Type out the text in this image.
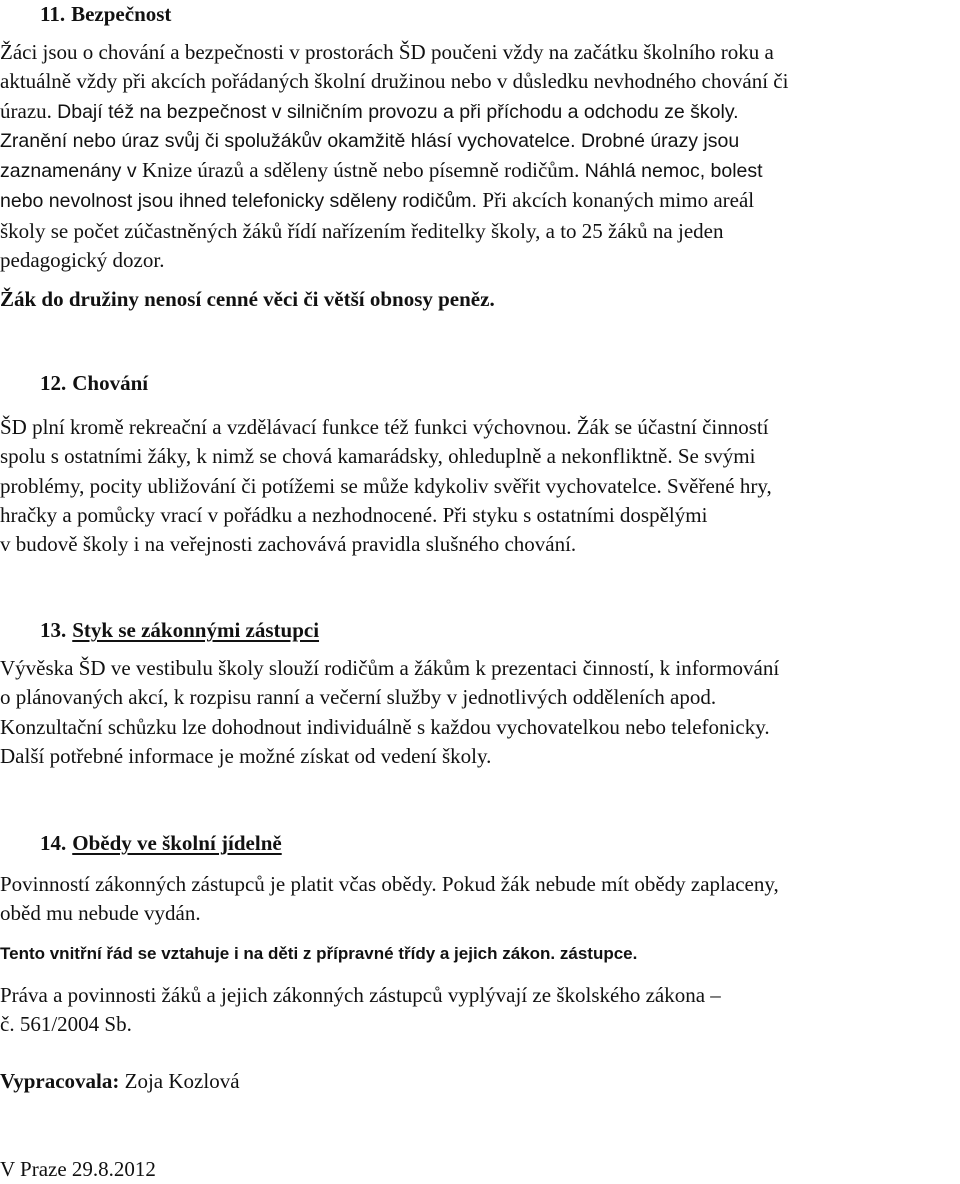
11. Bezpečnost
Žáci jsou o chování a bezpečnosti v prostorách ŠD poučeni vždy na začátku školního roku a
aktuálně vždy při akcích pořádaných školní družinou nebo v důsledku nevhodného chování či
úrazu. Dbají též na bezpečnost v silničním provozu a při příchodu a odchodu ze školy.
Zranění nebo úraz svůj či spolužákův okamžitě hlásí vychovatelce. Drobné úrazy jsou
zaznamenány v Knize úrazů a sděleny ústně nebo písemně rodičům. Náhlá nemoc, bolest
nebo nevolnost jsou ihned telefonicky sděleny rodičům. Při akcích konaných mimo areál
školy se počet zúčastněných žáků řídí nařízením ředitelky školy, a to 25 žáků na jeden
pedagogický dozor.
Žák do družiny nenosí cenné věci či větší obnosy peněz.
12. Chování
ŠD plní kromě rekreační a vzdělávací funkce též funkci výchovnou. Žák se účastní činností
spolu s ostatními žáky, k nimž se chová kamarádsky, ohleduplně a nekonfliktně. Se svými
problémy, pocity ubližování či potížemi se může kdykoliv svěřit vychovatelce. Svěřené hry,
hračky a pomůcky vrací v pořádku a nezhodnocené. Při styku s ostatními dospělými
v budově školy i na veřejnosti zachovává pravidla slušného chování.
13. Styk se zákonnými zástupci
Vývěska ŠD ve vestibulu školy slouží rodičům a žákům k prezentaci činností, k informování
o plánovaných akcí, k rozpisu ranní a večerní služby v jednotlivých odděleních apod.
Konzultační schůzku lze dohodnout individuálně s každou vychovatelkou nebo telefonicky.
Další potřebné informace je možné získat od vedení školy.
14. Obědy ve školní jídelně
Povinností zákonných zástupců je platit včas obědy. Pokud žák nebude mít obědy zaplaceny,
oběd mu nebude vydán.
Tento vnitřní řád se vztahuje i na děti z přípravné třídy a jejich zákon. zástupce.
Práva a povinnosti žáků a jejich zákonných zástupců vyplývají ze školského zákona –
č. 561/2004 Sb.
Vypracovala: Zoja Kozlová
V Praze 29.8.2012
